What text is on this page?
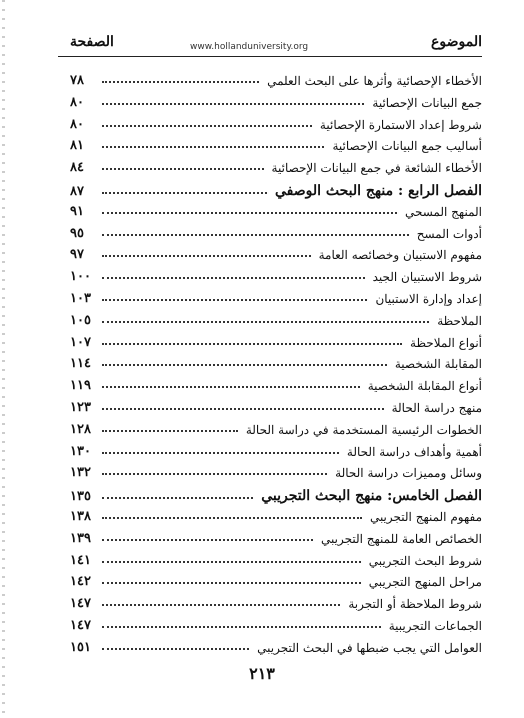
الموضوع
الصفحة	www.hollanduniversity.org
الأخطاء الإحصائية وأثرها على البحث العلمي
٧٨
جمع البيانات الإحصائية
٨٠
شروط إعداد الاستمارة الإحصائية
٨٠
أساليب جمع البيانات الإحصائية
٨١
الأخطاء الشائعة في جمع البيانات الإحصائية
٨٤
الفصل الرابع : منهج البحث الوصفي
٨٧
المنهج المسحي
٩١
أدوات المسح
٩٥
مفهوم الاستبيان وخصائصه العامة
٩٧
شروط الاستبيان الجيد
١٠٠
إعداد وإدارة الاستبيان
١٠٣
الملاحظة
١٠٥
أنواع الملاحظة
١٠٧
المقابلة الشخصية
١١٤
أنواع المقابلة الشخصية
١١٩
منهج دراسة الحالة
١٢٣
الخطوات الرئيسية المستخدمة في دراسة الحالة
١٢٨
أهمية وأهداف دراسة الحالة
١٣٠
وسائل ومميزات دراسة الحالة
١٣٢
الفصل الخامس: منهج البحث التجريبي
١٣٥
مفهوم المنهج التجريبي
١٣٨
الخصائص العامة للمنهج التجريبي
١٣٩
شروط البحث التجريبي
١٤١
مراحل المنهج التجريبي
١٤٢
شروط الملاحظة أو التجربة
١٤٧
الجماعات التجريبية
١٤٧
العوامل التي يجب ضبطها في البحث التجريبي
١٥١
٢١٣
